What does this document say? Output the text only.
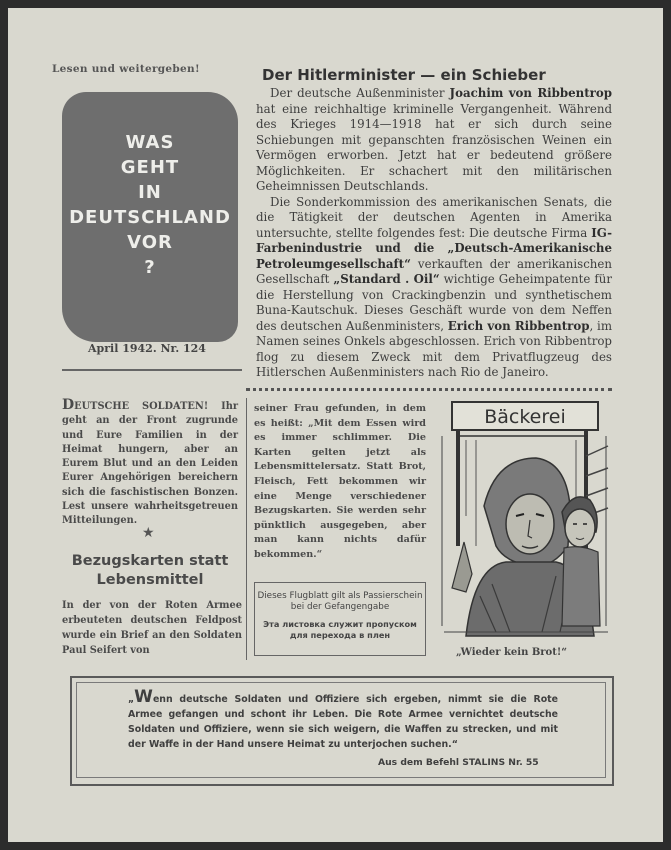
Lesen und weitergeben!
WAS
GEHT
IN
DEUTSCHLAND
VOR
?
April 1942. Nr. 124
Der Hitlerminister — ein Schieber

Der deutsche Außenminister Joachim von Ribbentrop hat eine reichhaltige kriminelle Vergangenheit. Während des Krieges 1914—1918 hat er sich durch seine Schiebungen mit gepanschten französischen Weinen ein Vermögen erworben. Jetzt hat er bedeutend größere Möglichkeiten. Er schachert mit den militärischen Geheimnissen Deutschlands.

Die Sonderkommission des amerikanischen Senats, die die Tätigkeit der deutschen Agenten in Amerika untersuchte, stellte folgendes fest: Die deutsche Firma IG-Farbenindustrie und die „Deutsch-Amerikanische Petroleumgesellschaft“ verkauften der amerikanischen Gesellschaft „Standard . Oil“ wichtige Geheimpatente für die Herstellung von Crackingbenzin und synthetischem Buna-Kautschuk. Dieses Geschäft wurde von dem Neffen des deutschen Außenministers, Erich von Ribbentrop, im Namen seines Onkels abgeschlossen. Erich von Ribbentrop flog zu diesem Zweck mit dem Privatflugzeug des Hitlerschen Außenministers nach Rio de Janeiro.

DEUTSCHE SOLDATEN! Ihr geht an der Front zugrunde und Eure Familien in der Heimat hungern, aber an Eurem Blut und an den Leiden Eurer Angehörigen bereichern sich die faschistischen Bonzen. Lest unsere wahrheitsgetreuen Mitteilungen.
★
Bezugskarten statt Lebensmittel
In der von der Roten Armee erbeuteten deutschen Feldpost wurde ein Brief an den Soldaten Paul Seifert von
seiner Frau gefunden, in dem es heißt: „Mit dem Essen wird es immer schlimmer. Die Karten gelten jetzt als Lebensmittelersatz. Statt Brot, Fleisch, Fett bekommen wir eine Menge verschiedener Bezugskarten. Sie werden sehr pünktlich ausgegeben, aber man kann nichts dafür bekommen.“
Dieses Flugblatt gilt als Passierschein bei der Gefangengabe
Эта листовка служит пропуском для перехода в плен
Bäckerei
„Wieder kein Brot!“
„Wenn deutsche Soldaten und Offiziere sich ergeben, nimmt sie die Rote Armee gefangen und schont ihr Leben. Die Rote Armee vernichtet deutsche Soldaten und Offiziere, wenn sie sich weigern, die Waffen zu strecken, und mit der Waffe in der Hand unsere Heimat zu unterjochen suchen.“
Aus dem Befehl STALINS Nr. 55
